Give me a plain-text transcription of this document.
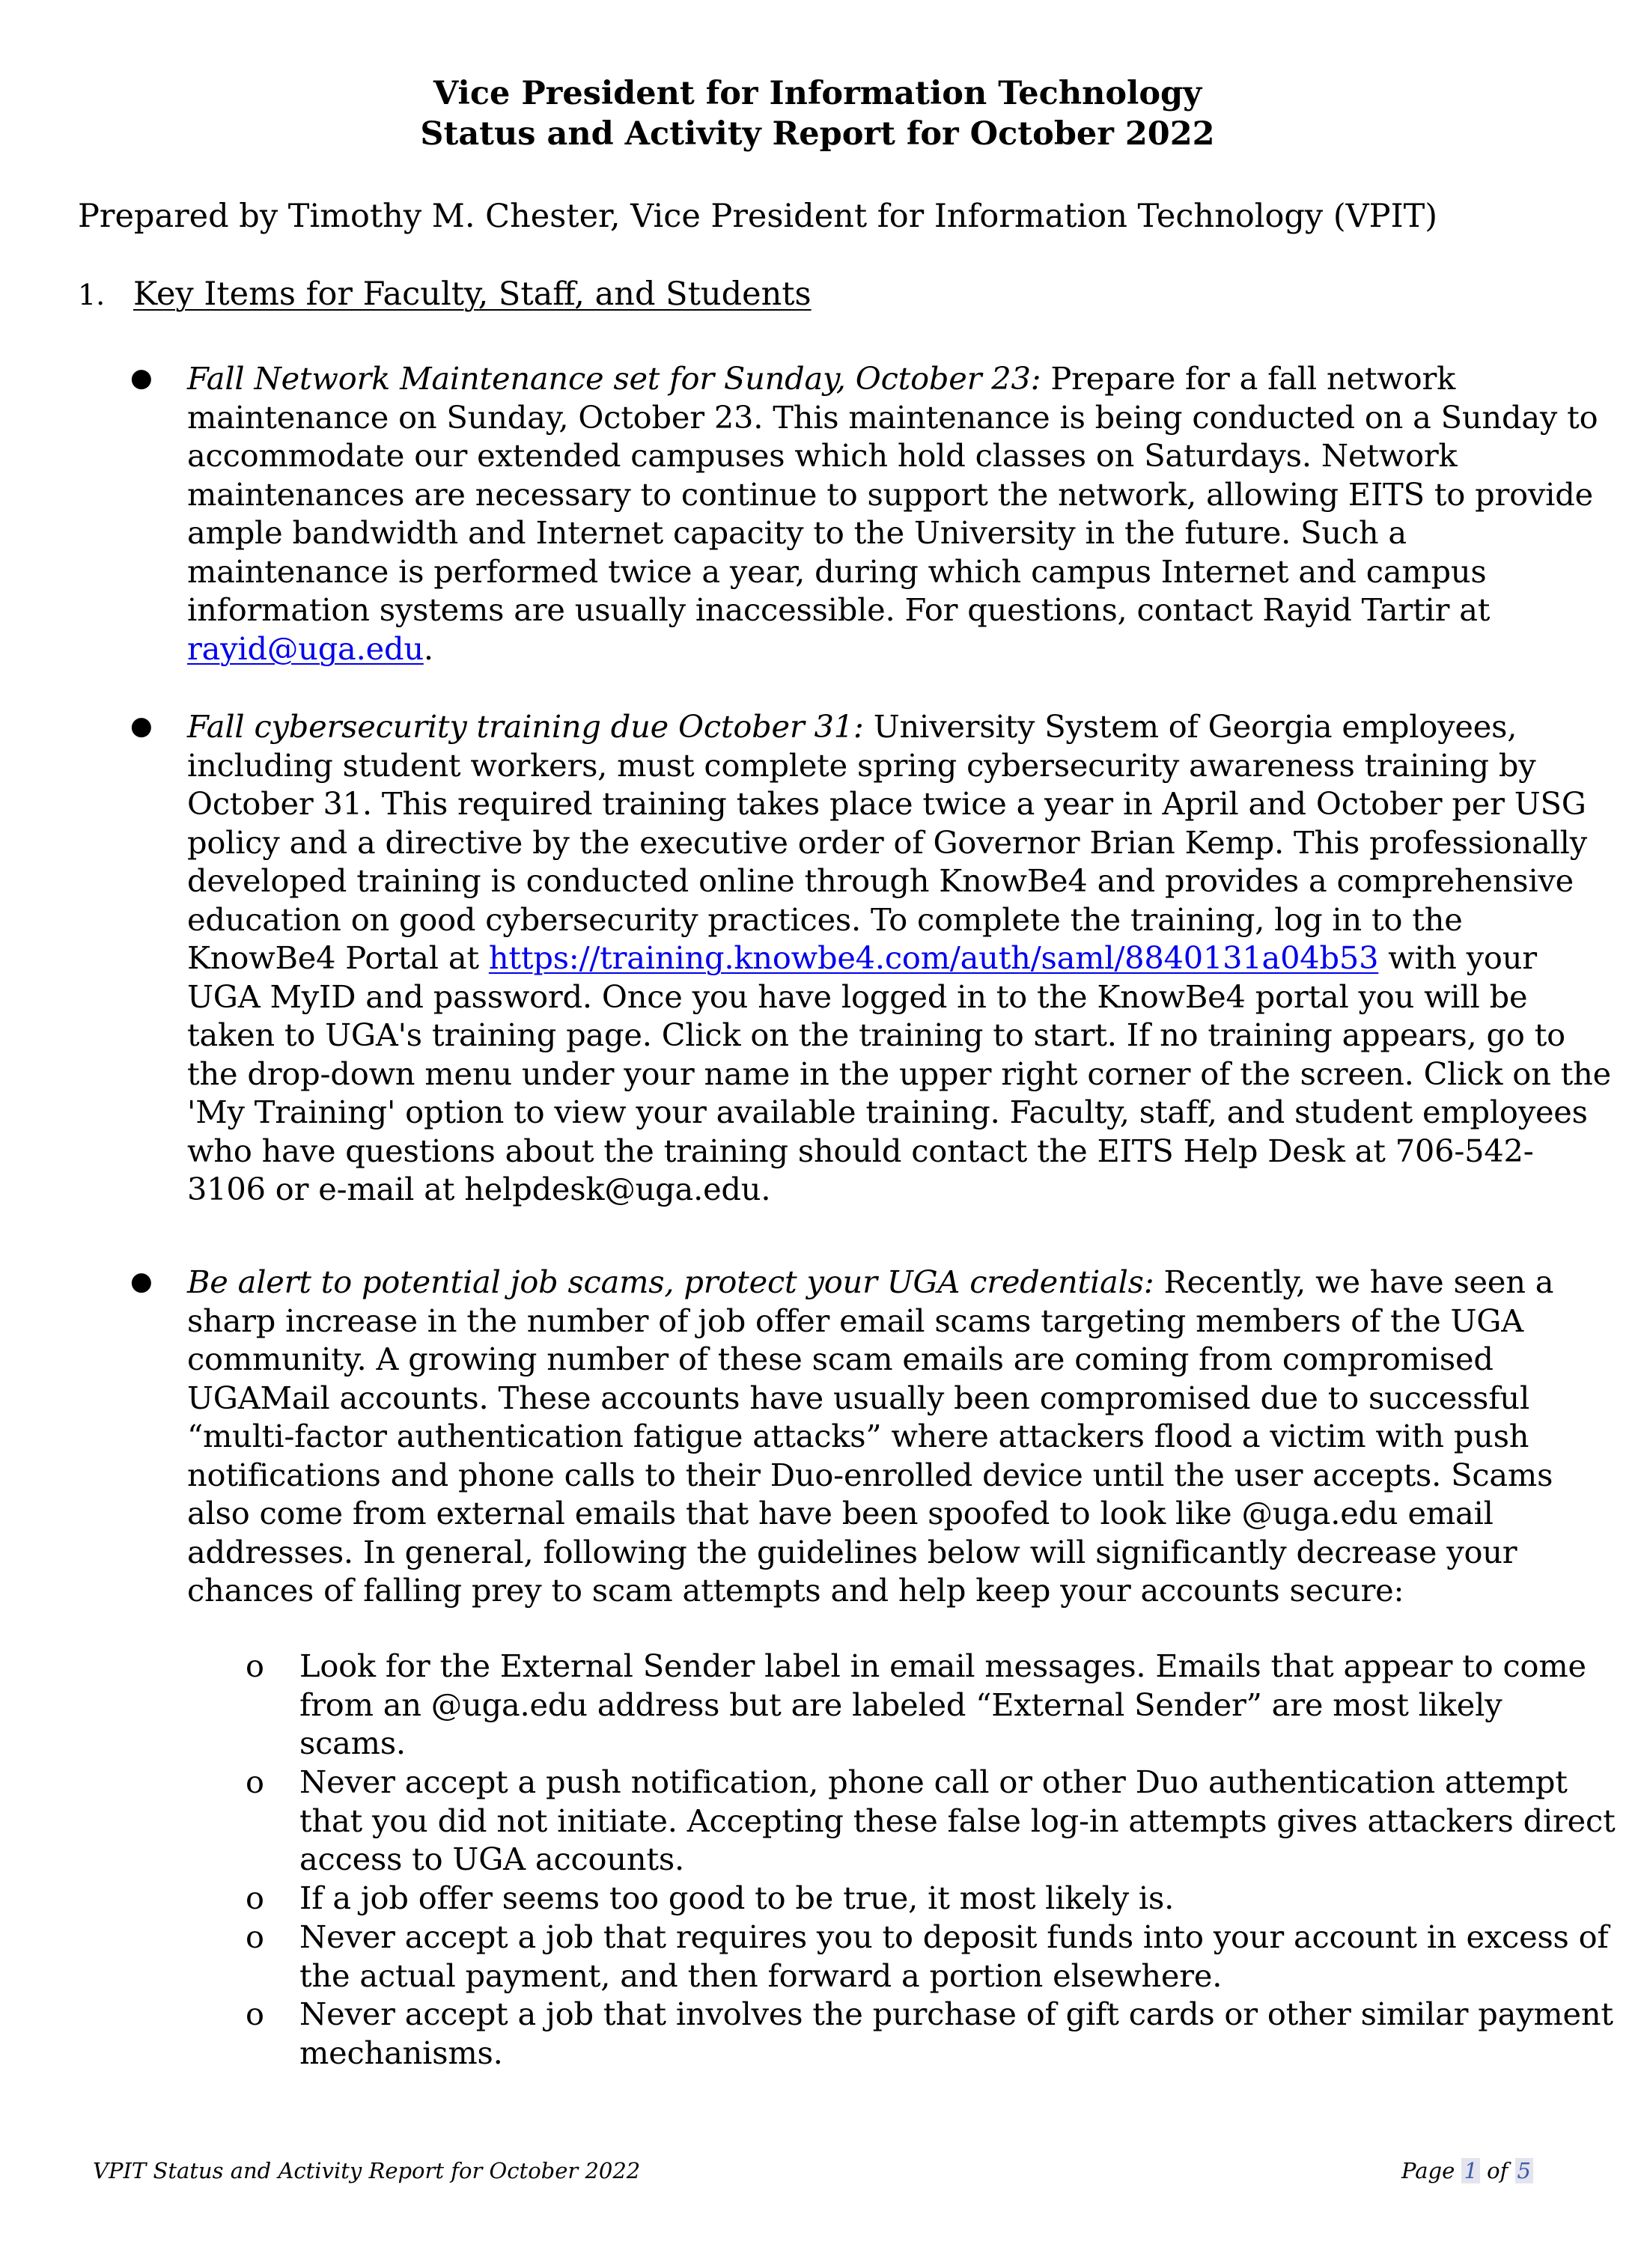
Vice President for Information Technology
Status and Activity Report for October 2022
Prepared by Timothy M. Chester, Vice President for Information Technology (VPIT)
1. Key Items for Faculty, Staff, and Students
● Fall Network Maintenance set for Sunday, October 23: Prepare for a fall network
maintenance on Sunday, October 23. This maintenance is being conducted on a Sunday to
accommodate our extended campuses which hold classes on Saturdays. Network
maintenances are necessary to continue to support the network, allowing EITS to provide
ample bandwidth and Internet capacity to the University in the future. Such a
maintenance is performed twice a year, during which campus Internet and campus
information systems are usually inaccessible. For questions, contact Rayid Tartir at
rayid@uga.edu.
● Fall cybersecurity training due October 31: University System of Georgia employees,
including student workers, must complete spring cybersecurity awareness training by
October 31. This required training takes place twice a year in April and October per USG
policy and a directive by the executive order of Governor Brian Kemp. This professionally
developed training is conducted online through KnowBe4 and provides a comprehensive
education on good cybersecurity practices. To complete the training, log in to the
KnowBe4 Portal at https://training.knowbe4.com/auth/saml/8840131a04b53 with your
UGA MyID and password. Once you have logged in to the KnowBe4 portal you will be
taken to UGA's training page. Click on the training to start. If no training appears, go to
the drop-down menu under your name in the upper right corner of the screen. Click on the
'My Training' option to view your available training. Faculty, staff, and student employees
who have questions about the training should contact the EITS Help Desk at 706-542-
3106 or e-mail at helpdesk@uga.edu.
● Be alert to potential job scams, protect your UGA credentials: Recently, we have seen a
sharp increase in the number of job offer email scams targeting members of the UGA
community. A growing number of these scam emails are coming from compromised
UGAMail accounts. These accounts have usually been compromised due to successful
“multi-factor authentication fatigue attacks” where attackers flood a victim with push
notifications and phone calls to their Duo-enrolled device until the user accepts. Scams
also come from external emails that have been spoofed to look like @uga.edu email
addresses. In general, following the guidelines below will significantly decrease your
chances of falling prey to scam attempts and help keep your accounts secure:
o Look for the External Sender label in email messages. Emails that appear to come
from an @uga.edu address but are labeled “External Sender” are most likely
scams.
o Never accept a push notification, phone call or other Duo authentication attempt
that you did not initiate. Accepting these false log-in attempts gives attackers direct
access to UGA accounts.
o If a job offer seems too good to be true, it most likely is.
o Never accept a job that requires you to deposit funds into your account in excess of
the actual payment, and then forward a portion elsewhere.
o Never accept a job that involves the purchase of gift cards or other similar payment
mechanisms.
VPIT Status and Activity Report for October 2022	Page 1 of 5
